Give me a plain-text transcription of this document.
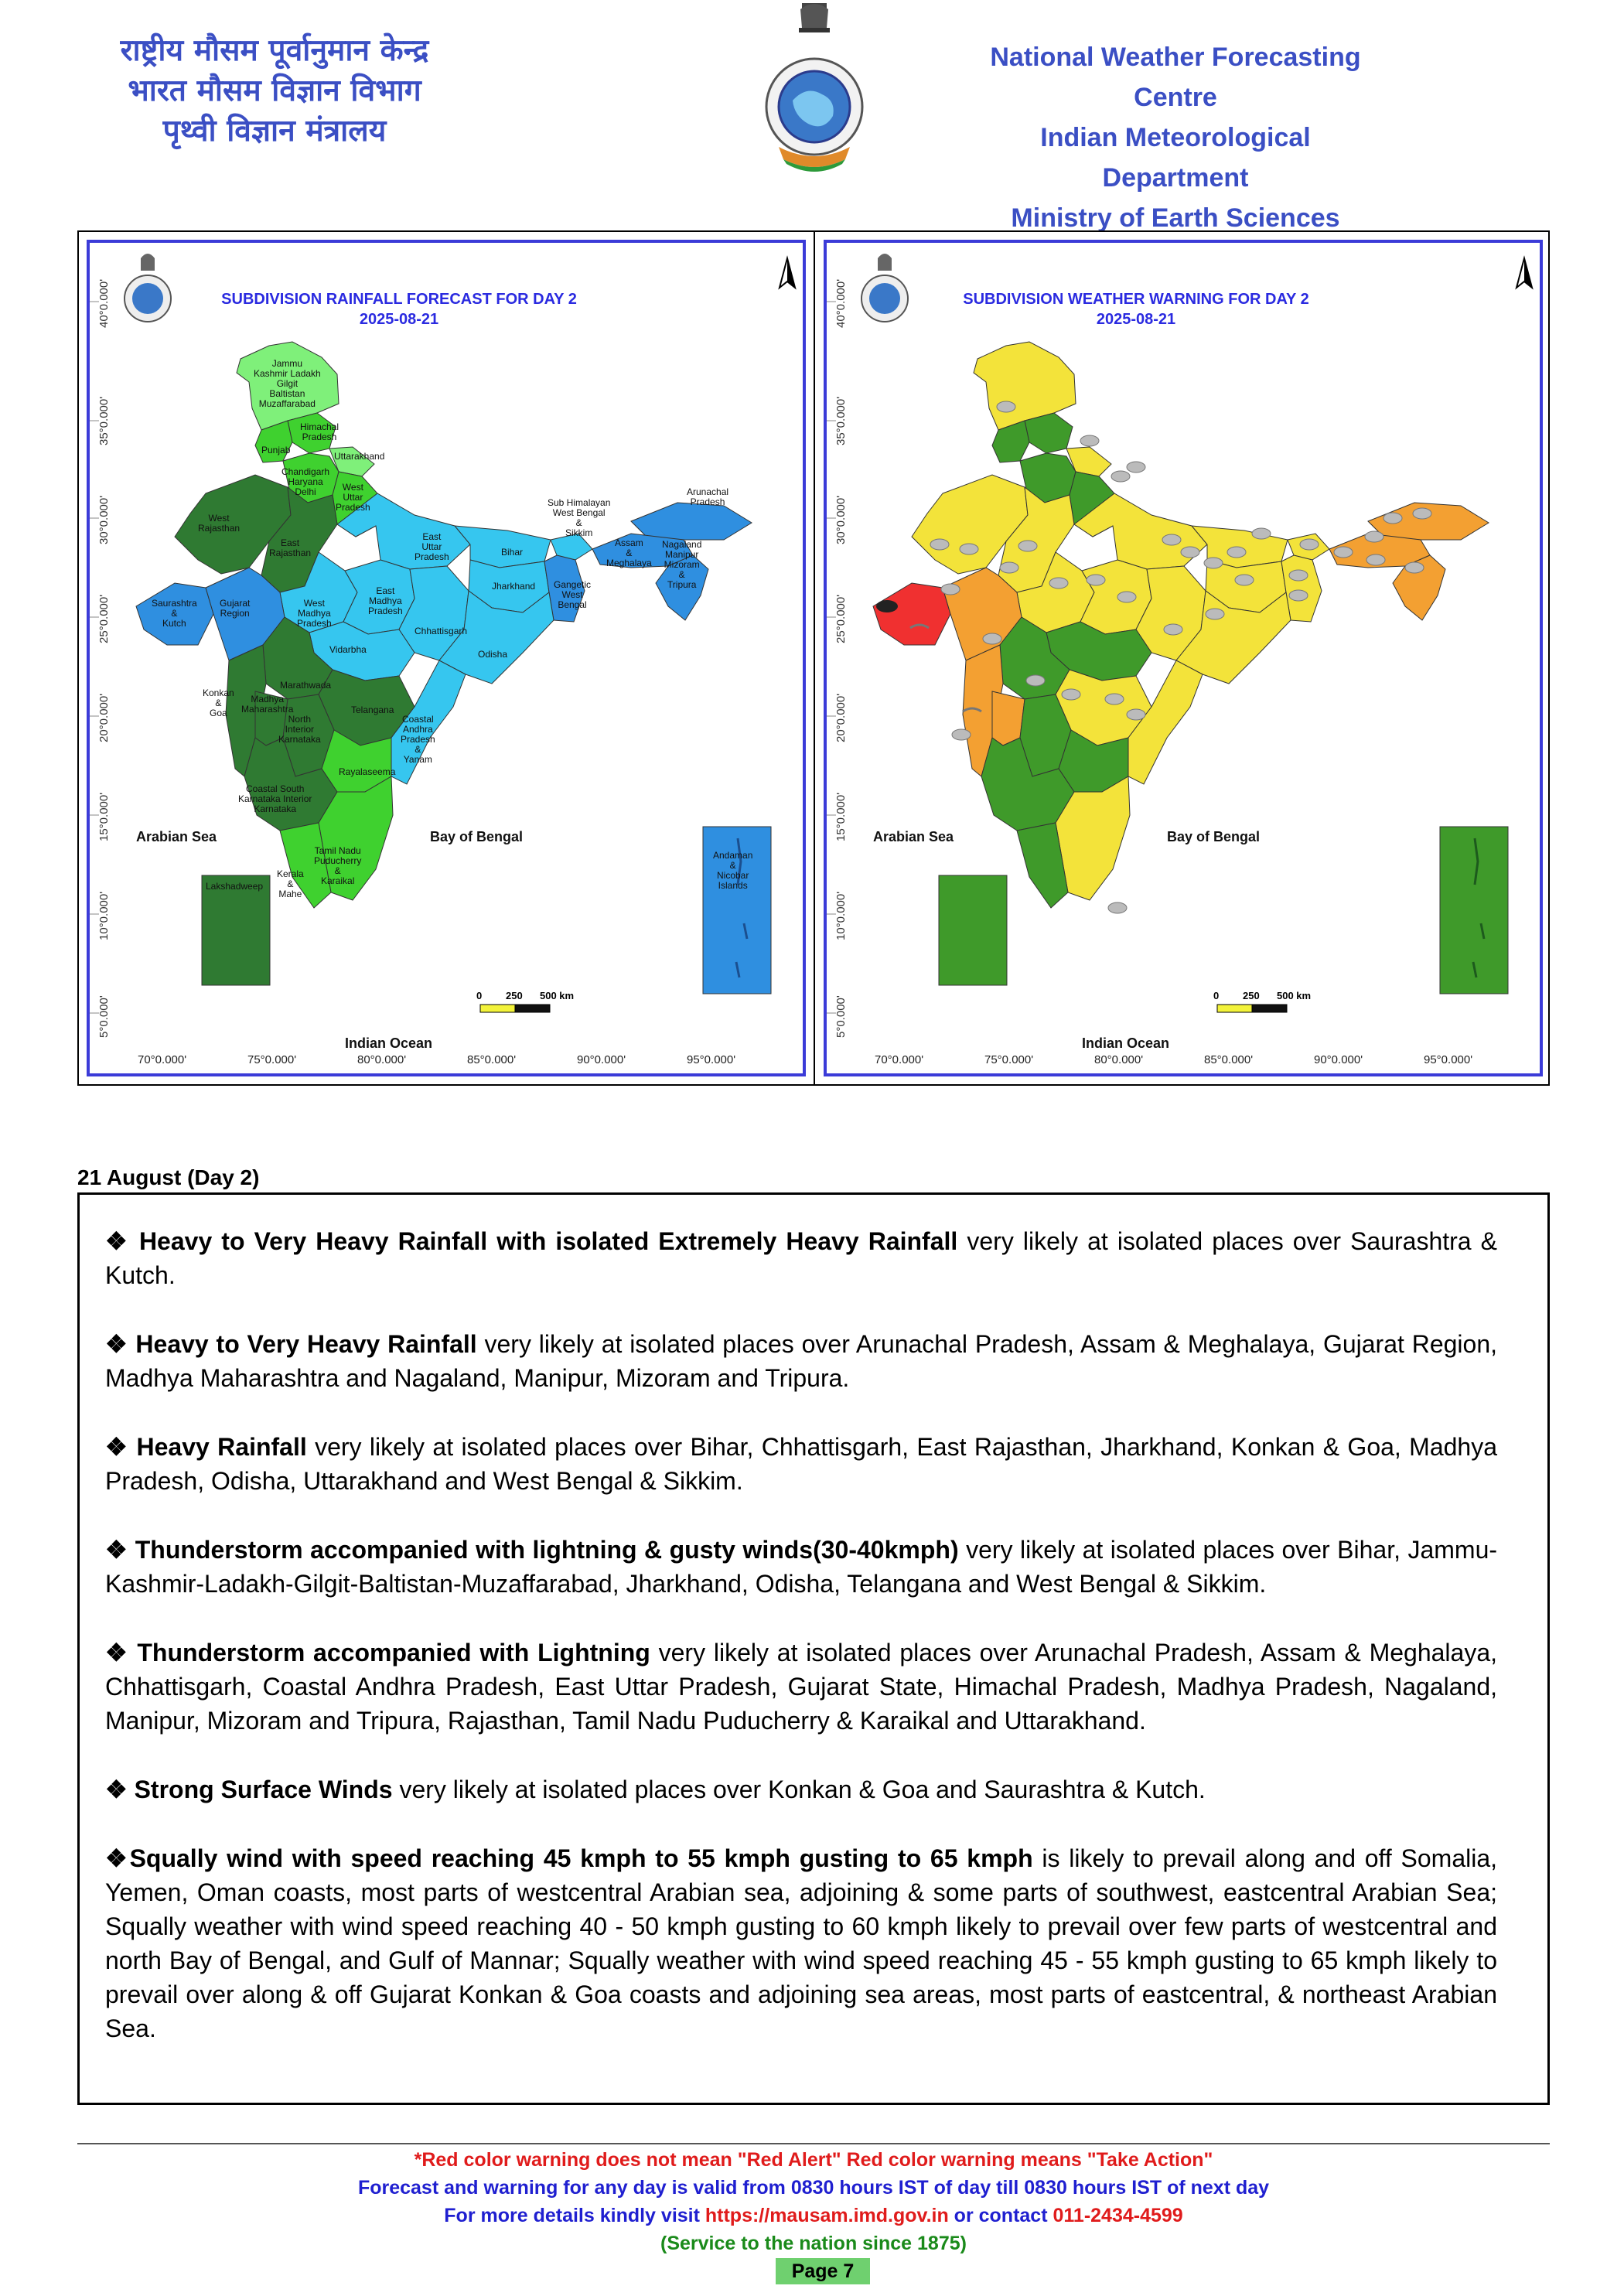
राष्ट्रीय मौसम पूर्वानुमान केन्द्र
भारत मौसम विज्ञान विभाग
पृथ्वी विज्ञान मंत्रालय
National Weather Forecasting Centre
Indian Meteorological Department
Ministry of Earth Sciences
SUBDIVISION RAINFALL FORECAST FOR DAY 2
2025-08-21
40°0.000'
35°0.000'
30°0.000'
25°0.000'
20°0.000'
15°0.000'
10°0.000'
5°0.000'
70°0.000'	75°0.000'	80°0.000'	85°0.000'	90°0.000'	95°0.000'
Arabian Sea	Bay of Bengal
Indian Ocean
0 250 500 km
Jammu
Kashmir Ladakh
Gilgit
Baltistan
Muzaffarabad
Himachal
Pradesh
Punjab
Uttarakhand
Chandigarh
Haryana
Delhi	West
Uttar
Pradesh
West
Rajasthan
East
Rajasthan
East
Uttar
Pradesh	Bihar
Sub Himalayan
West Bengal
&
Sikkim
Arunachal
Pradesh
Assam
&
Meghalaya
Nagaland
Manipur
Mizoram
&
Tripura
Jharkhand Gangetic
West
Bengal
East
Madhya
Pradesh
West
Madhya
Pradesh
Gujarat
Region
Saurashtra
&
Kutch
Chhattisgarh
Odisha
Vidarbha
Marathwada
Madhya
Maharashtra
Konkan
&
Goa	Telangana
North
Interior
Karnataka
Coastal
Andhra
Pradesh
&
Yanam
Rayalaseema
Coastal South
Karnataka Interior
Karnataka
Tamil Nadu
Puducherry
&
Karaikal
Kerala
&
Mahe
Lakshadweep
Andaman
&
Nicobar
Islands
SUBDIVISION WEATHER WARNING FOR DAY 2
2025-08-21
40°0.000'
35°0.000'
30°0.000'
25°0.000'
20°0.000'
15°0.000'
10°0.000'
5°0.000'
70°0.000'	75°0.000'	80°0.000'	85°0.000'	90°0.000'	95°0.000'
Arabian Sea	Bay of Bengal
Indian Ocean
0 250 500 km
21 August (Day 2)

❖ Heavy to Very Heavy Rainfall with isolated Extremely Heavy Rainfall very likely at isolated places over Saurashtra & Kutch.

❖ Heavy to Very Heavy Rainfall very likely at isolated places over Arunachal Pradesh, Assam & Meghalaya, Gujarat Region, Madhya Maharashtra and Nagaland, Manipur, Mizoram and Tripura.

❖ Heavy Rainfall very likely at isolated places over Bihar, Chhattisgarh, East Rajasthan, Jharkhand, Konkan & Goa, Madhya Pradesh, Odisha, Uttarakhand and West Bengal & Sikkim.

❖ Thunderstorm accompanied with lightning & gusty winds(30-40kmph) very likely at isolated places over Bihar, Jammu-Kashmir-Ladakh-Gilgit-Baltistan-Muzaffarabad, Jharkhand, Odisha, Telangana and West Bengal & Sikkim.

❖ Thunderstorm accompanied with Lightning very likely at isolated places over Arunachal Pradesh, Assam & Meghalaya, Chhattisgarh, Coastal Andhra Pradesh, East Uttar Pradesh, Gujarat State, Himachal Pradesh, Madhya Pradesh, Nagaland, Manipur, Mizoram and Tripura, Rajasthan, Tamil Nadu Puducherry & Karaikal and Uttarakhand.

❖ Strong Surface Winds very likely at isolated places over Konkan & Goa and Saurashtra & Kutch.

❖Squally wind with speed reaching 45 kmph to 55 kmph gusting to 65 kmph is likely to prevail along and off Somalia, Yemen, Oman coasts, most parts of westcentral Arabian sea, adjoining & some parts of southwest, eastcentral Arabian Sea; Squally weather with wind speed reaching 40 - 50 kmph gusting to 60 kmph likely to prevail over few parts of westcentral and north Bay of Bengal, and Gulf of Mannar; Squally weather with wind speed reaching 45 - 55 kmph gusting to 65 kmph likely to prevail over along & off Gujarat Konkan & Goa coasts and adjoining sea areas, most parts of eastcentral, & northeast Arabian Sea.

*Red color warning does not mean "Red Alert" Red color warning means "Take Action"
Forecast and warning for any day is valid from 0830 hours IST of day till 0830 hours IST of next day
For more details kindly visit https://mausam.imd.gov.in or contact 011-2434-4599
(Service to the nation since 1875)
Page 7
